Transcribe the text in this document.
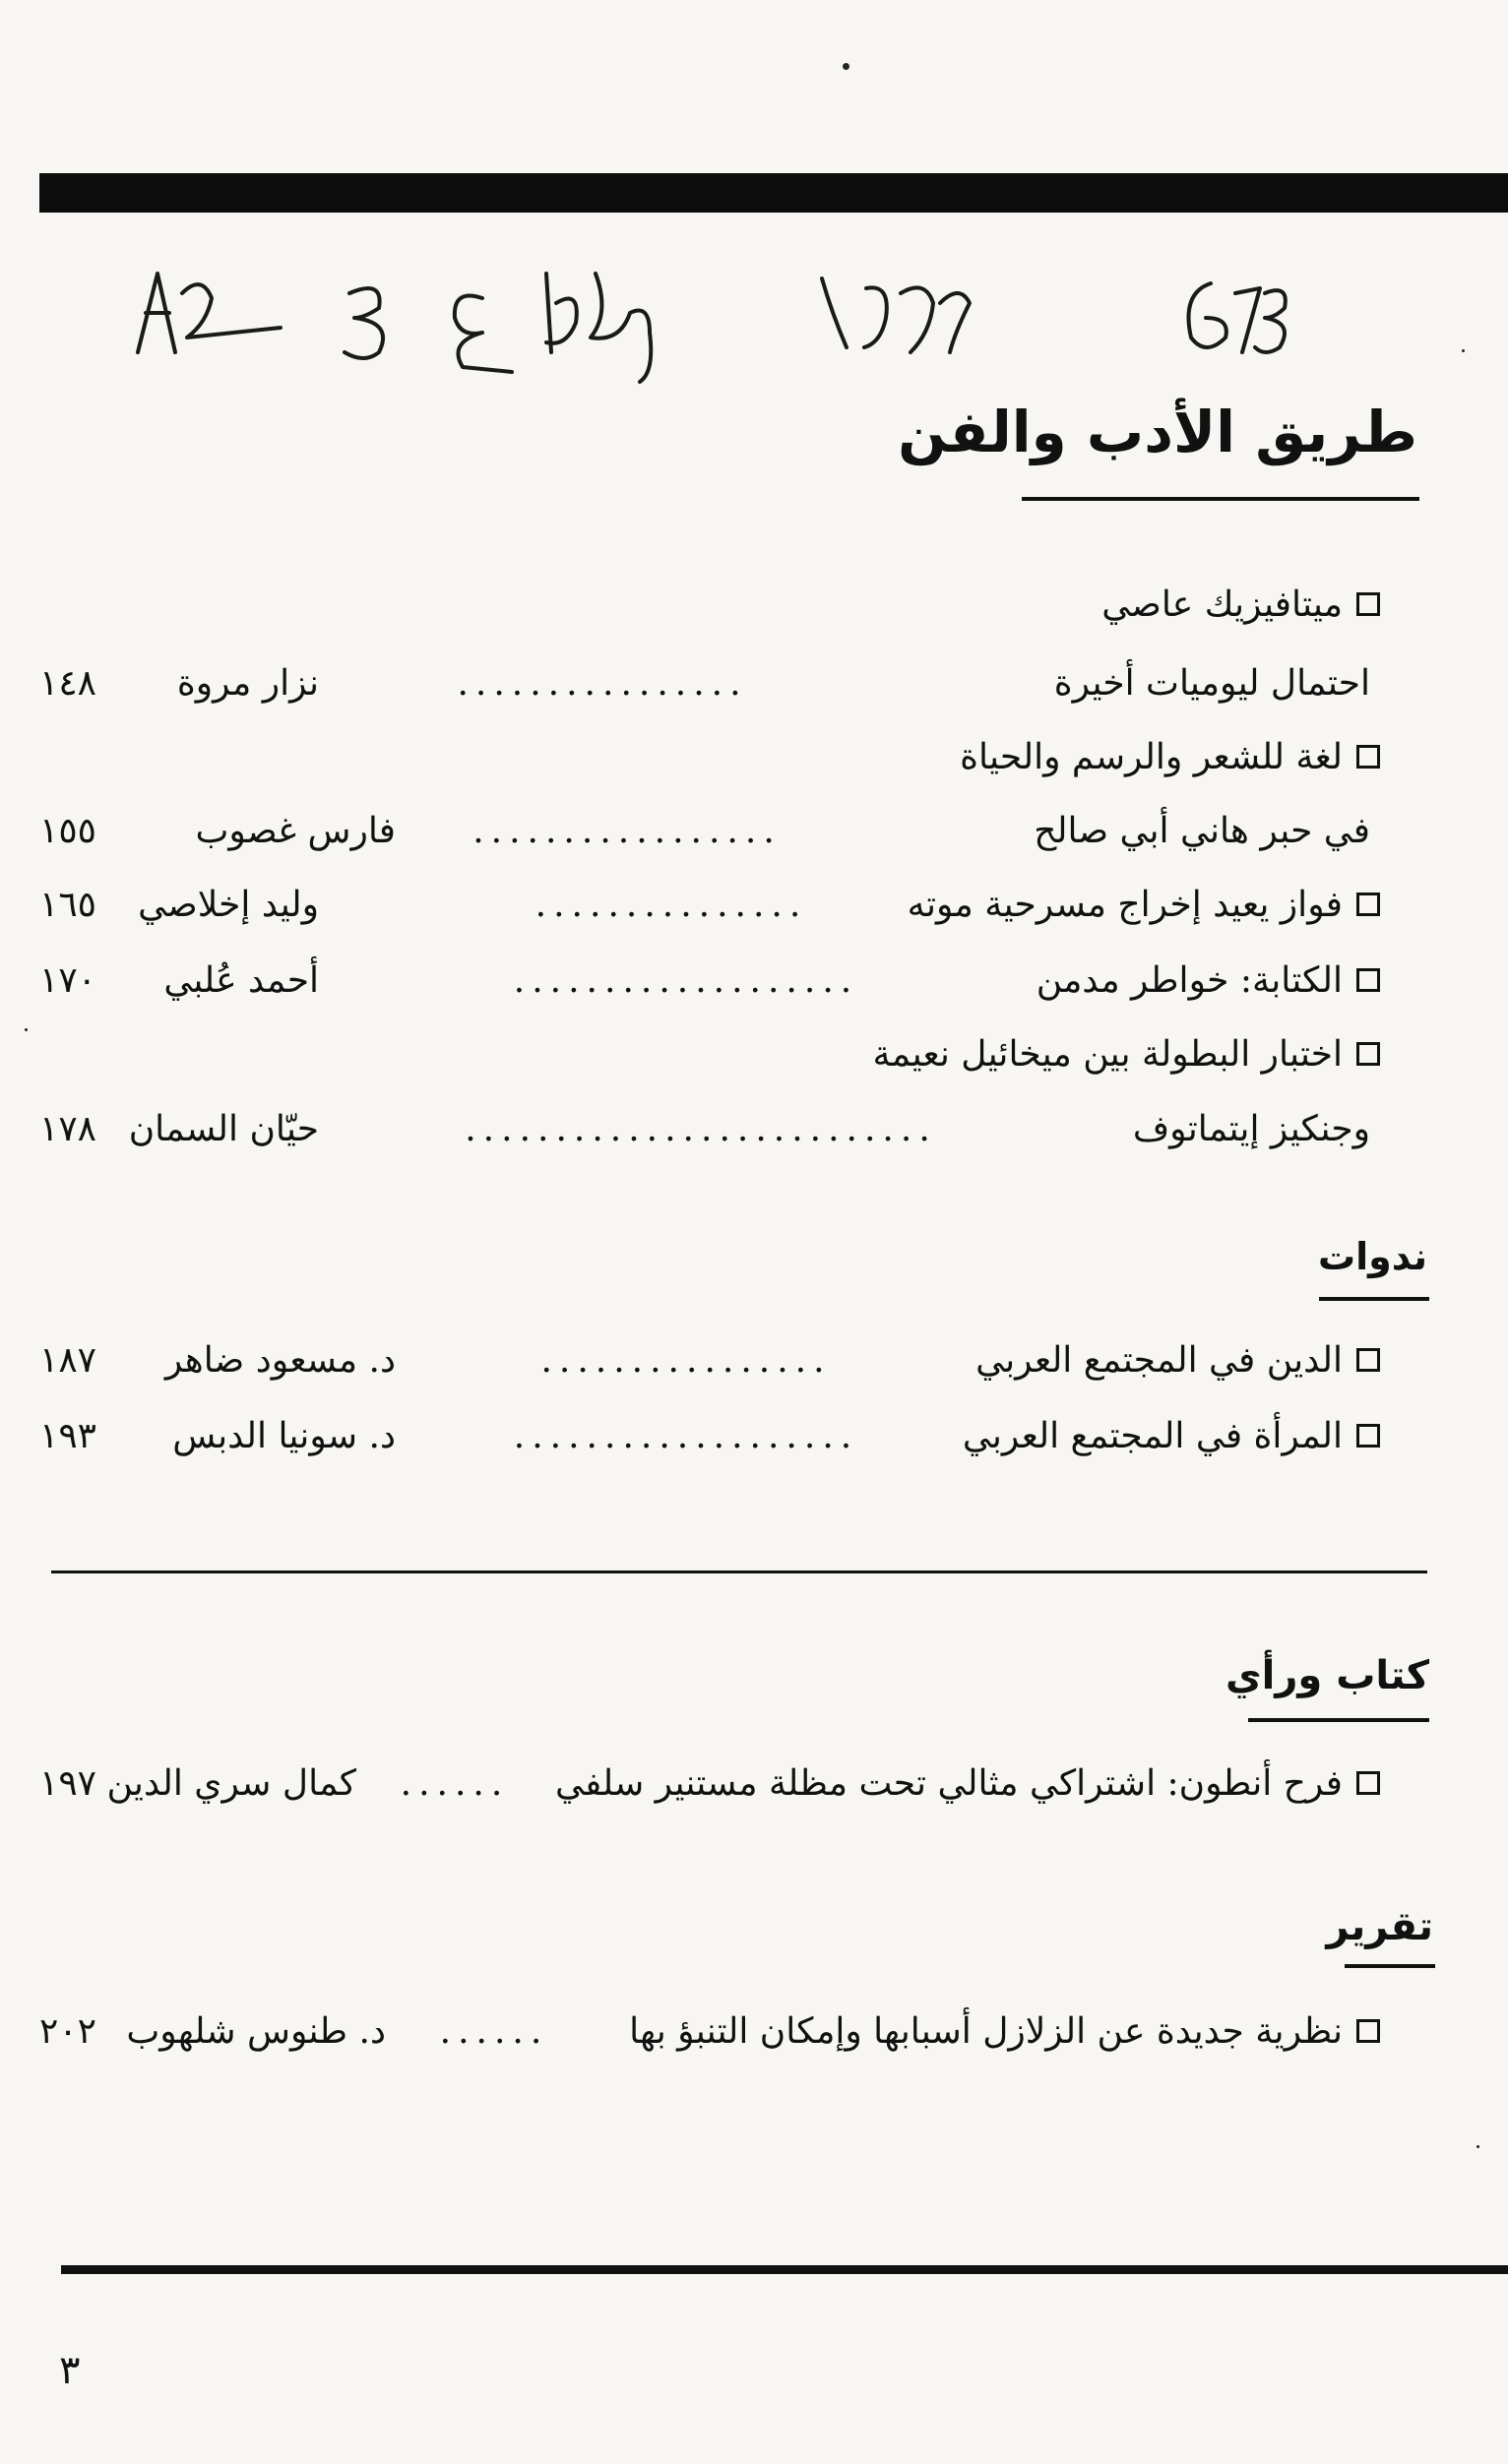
طريق الأدب والفن
ميتافيزيك عاصي
احتمال ليوميات أخيرة
................
نزار مروة
١٤٨
لغة للشعر والرسم والحياة
في حبر هاني أبي صالح
.................
فارس غصوب
١٥٥
فواز يعيد إخراج مسرحية موته
...............
وليد إخلاصي
١٦٥
الكتابة: خواطر مدمن
...................
أحمد عُلبي
١٧٠
اختبار البطولة بين ميخائيل نعيمة
وجنكيز إيتماتوف
..........................
حيّان السمان
١٧٨
ندوات
الدين في المجتمع العربي
................
د. مسعود ضاهر
١٨٧
المرأة في المجتمع العربي
...................
د. سونيا الدبس
١٩٣
كتاب ورأي
فرح أنطون: اشتراكي مثالي تحت مظلة مستنير سلفي
......
كمال سري الدين
١٩٧
تقرير
نظرية جديدة عن الزلازل أسبابها وإمكان التنبؤ بها
......
د. طنوس شلهوب
٢٠٢
٣
